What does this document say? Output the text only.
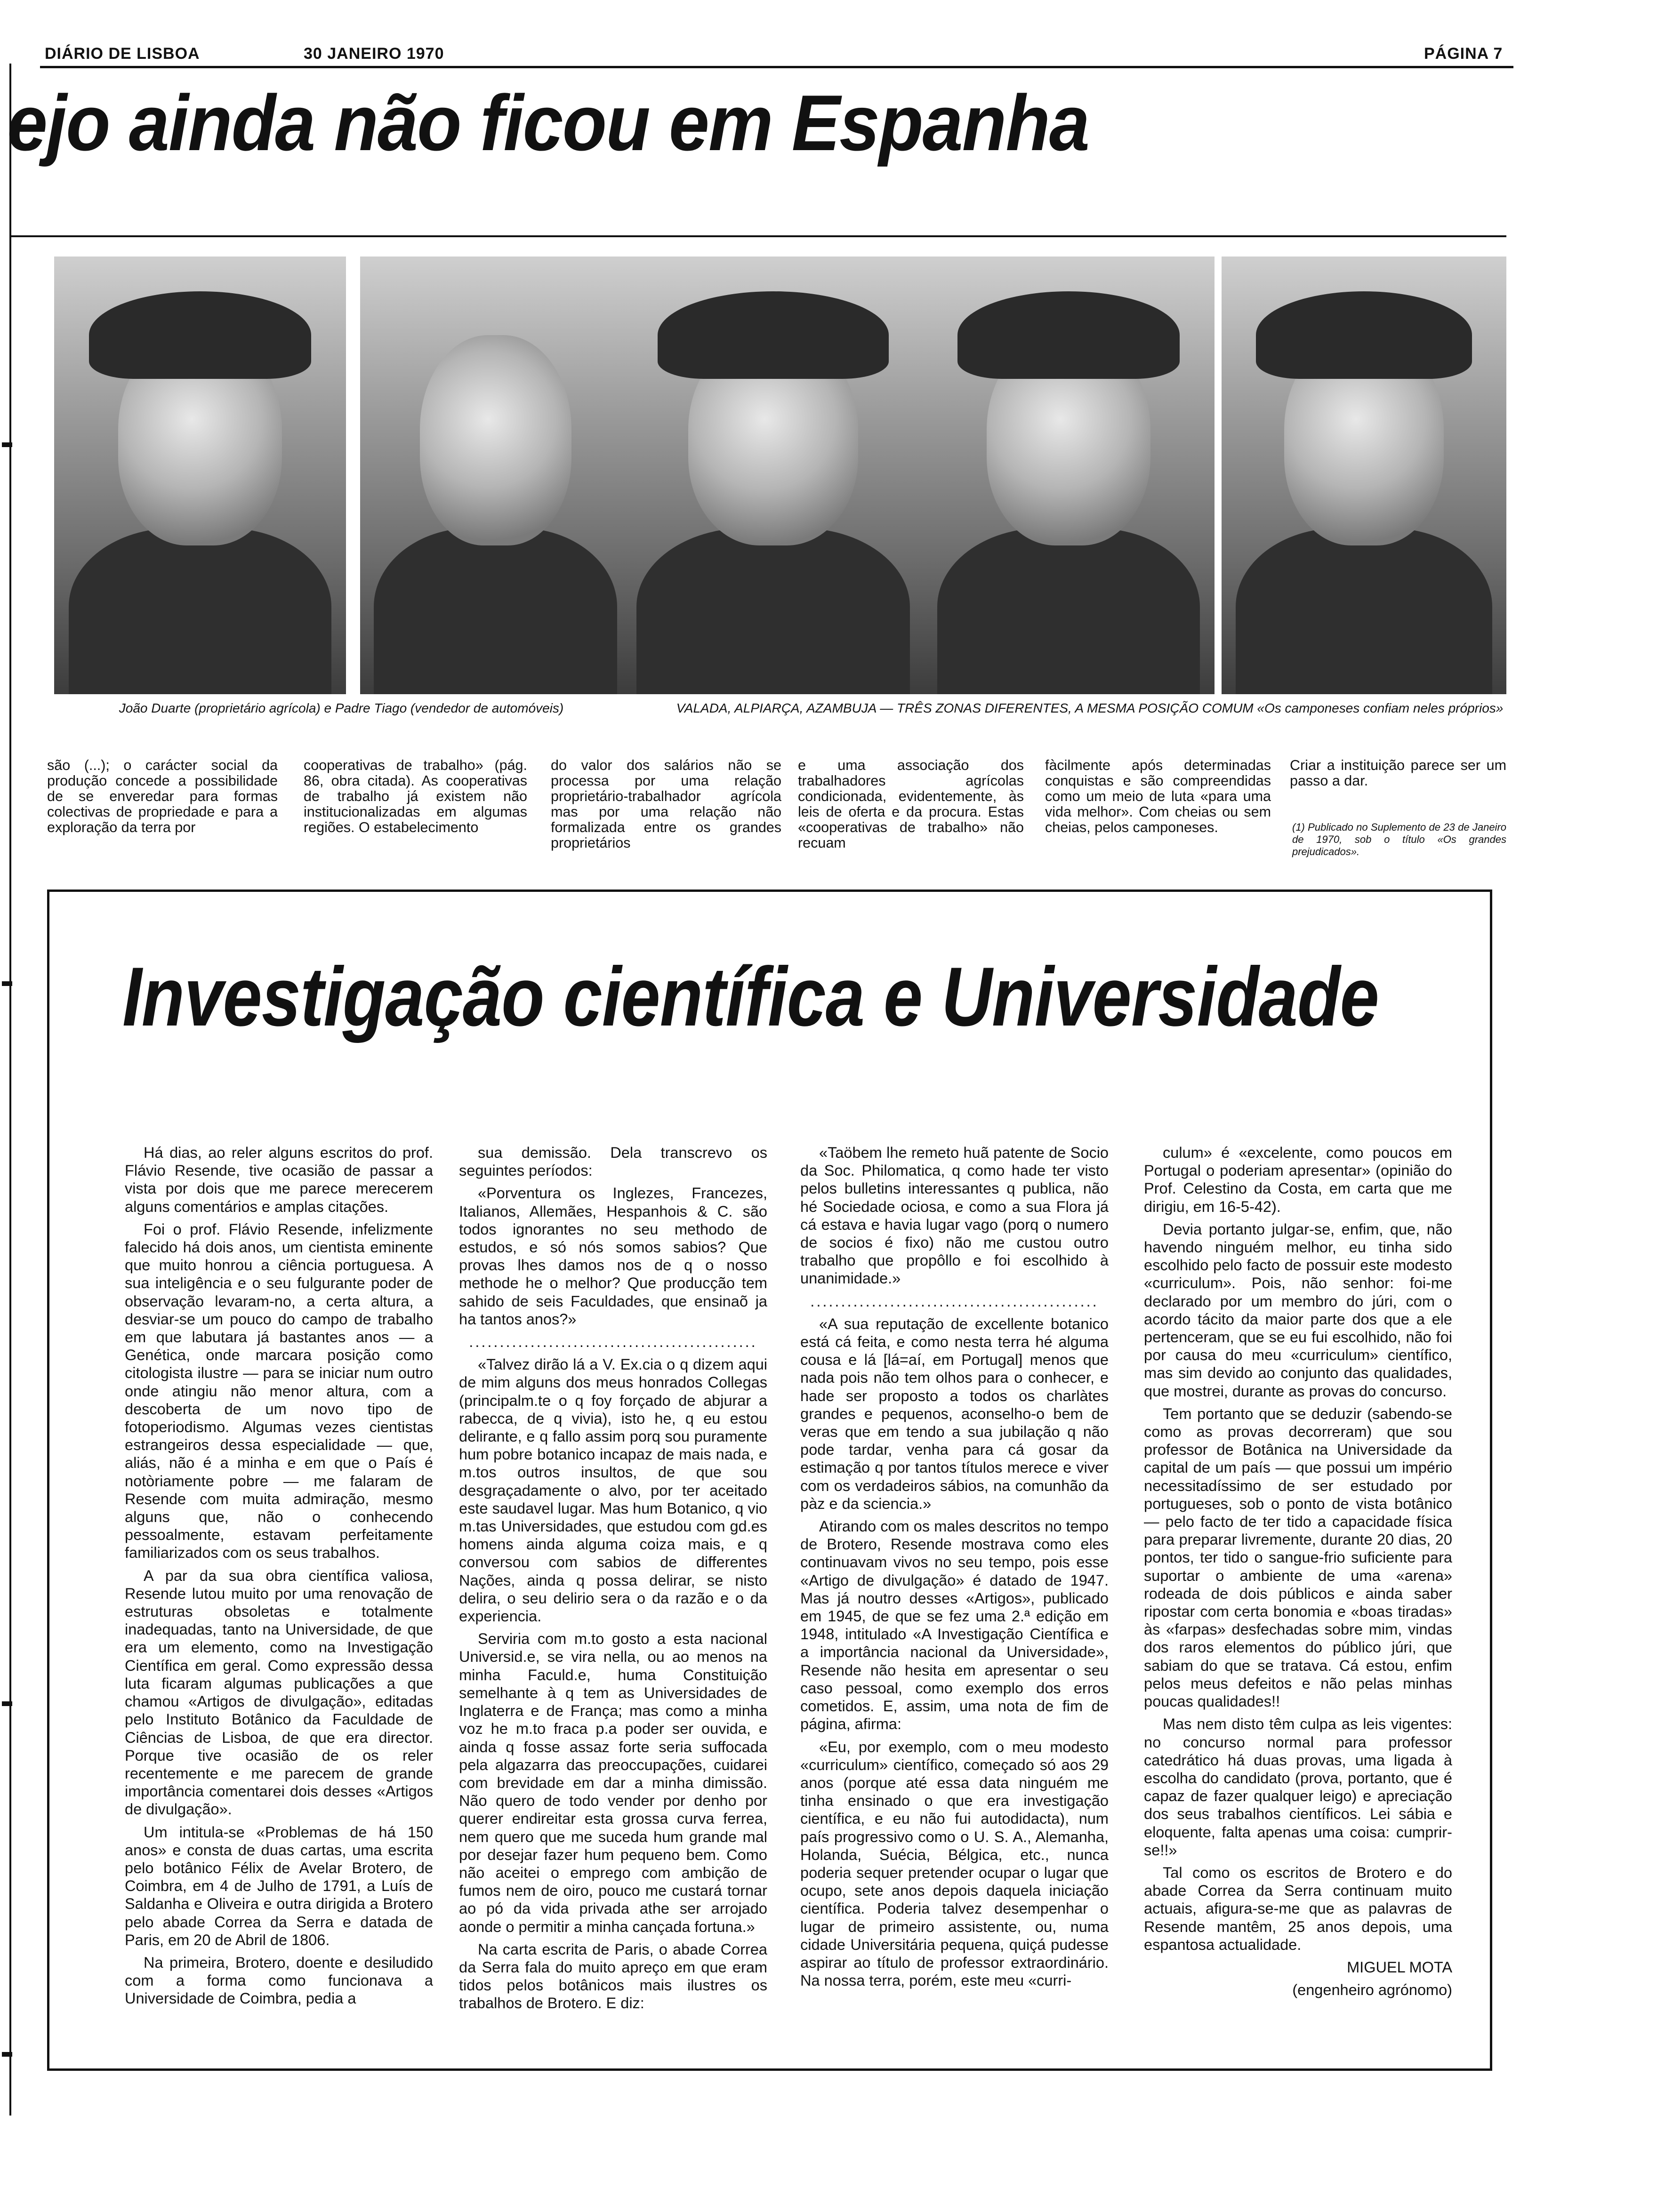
DIÁRIO DE LISBOA	30 JANEIRO 1970	PÁGINA 7
ejo ainda não ficou em Espanha
João Duarte (proprietário agrícola) e Padre Tiago (vendedor de automóveis)	VALADA, ALPIARÇA, AZAMBUJA — TRÊS ZONAS DIFERENTES, A MESMA POSIÇÃO COMUM «Os camponeses confiam neles próprios»
são (...); o carácter social da produção concede a possibilidade de se enveredar para formas colectivas de propriedade e para a exploração da terra por
cooperativas de trabalho» (pág. 86, obra citada). As cooperativas de trabalho já existem não institucionalizadas em algumas regiões. O estabelecimento
do valor dos salários não se processa por uma relação proprietário-trabalhador agrícola mas por uma relação não formalizada entre os grandes proprietários
e uma associação dos trabalhadores agrícolas condicionada, evidentemente, às leis de oferta e da procura. Estas «cooperativas de trabalho» não recuam
fàcilmente após determinadas conquistas e são compreendidas como um meio de luta «para uma vida melhor». Com cheias ou sem cheias, pelos camponeses.
Criar a instituição parece ser um passo a dar.
(1) Publicado no Suplemento de 23 de Janeiro de 1970, sob o título «Os grandes prejudicados».
Investigação científica e Universidade

Há dias, ao reler alguns escritos do prof. Flávio Resende, tive ocasião de passar a vista por dois que me parece merecerem alguns comentários e amplas citações.

Foi o prof. Flávio Resende, infelizmente falecido há dois anos, um cientista eminente que muito honrou a ciência portuguesa. A sua inteligência e o seu fulgurante poder de observação levaram-no, a certa altura, a desviar-se um pouco do campo de trabalho em que labutara já bastantes anos — a Genética, onde marcara posição como citologista ilustre — para se iniciar num outro onde atingiu não menor altura, com a descoberta de um novo tipo de fotoperiodismo. Algumas vezes cientistas estrangeiros dessa especialidade — que, aliás, não é a minha e em que o País é notòriamente pobre — me falaram de Resende com muita admiração, mesmo alguns que, não o conhecendo pessoalmente, estavam perfeitamente familiarizados com os seus trabalhos.

A par da sua obra científica valiosa, Resende lutou muito por uma renovação de estruturas obsoletas e totalmente inadequadas, tanto na Universidade, de que era um elemento, como na Investigação Científica em geral. Como expressão dessa luta ficaram algumas publicações a que chamou «Artigos de divulgação», editadas pelo Instituto Botânico da Faculdade de Ciências de Lisboa, de que era director. Porque tive ocasião de os reler recentemente e me parecem de grande importância comentarei dois desses «Artigos de divulgação».

Um intitula-se «Problemas de há 150 anos» e consta de duas cartas, uma escrita pelo botânico Félix de Avelar Brotero, de Coimbra, em 4 de Julho de 1791, a Luís de Saldanha e Oliveira e outra dirigida a Brotero pelo abade Correa da Serra e datada de Paris, em 20 de Abril de 1806.

Na primeira, Brotero, doente e desiludido com a forma como funcionava a Universidade de Coimbra, pedia a

sua demissão. Dela transcrevo os seguintes períodos:

«Porventura os Inglezes, Francezes, Italianos, Allemães, Hespanhois & C. são todos ignorantes no seu methodo de estudos, e só nós somos sabios? Que provas lhes damos nos de q o nosso methode he o melhor? Que producção tem sahido de seis Faculdades, que ensinaõ ja ha tantos anos?»

...............................................

«Talvez dirão lá a V. Ex.cia o q dizem aqui de mim alguns dos meus honrados Collegas (principalm.te o q foy forçado de abjurar a rabecca, de q vivia), isto he, q eu estou delirante, e q fallo assim porq sou puramente hum pobre botanico incapaz de mais nada, e m.tos outros insultos, de que sou desgraçadamente o alvo, por ter aceitado este saudavel lugar. Mas hum Botanico, q vio m.tas Universidades, que estudou com gd.es homens ainda alguma coiza mais, e q conversou com sabios de differentes Nações, ainda q possa delirar, se nisto delira, o seu delirio sera o da razão e o da experiencia.

Serviria com m.to gosto a esta nacional Universid.e, se vira nella, ou ao menos na minha Faculd.e, huma Constituição semelhante à q tem as Universidades de Inglaterra e de França; mas como a minha voz he m.to fraca p.a poder ser ouvida, e ainda q fosse assaz forte seria suffocada pela algazarra das preoccupações, cuidarei com brevidade em dar a minha dimissão. Não quero de todo vender por denho por querer endireitar esta grossa curva ferrea, nem quero que me suceda hum grande mal por desejar fazer hum pequeno bem. Como não aceitei o emprego com ambição de fumos nem de oiro, pouco me custará tornar ao pó da vida privada athe ser arrojado aonde o permitir a minha cançada fortuna.»

Na carta escrita de Paris, o abade Correa da Serra fala do muito apreço em que eram tidos pelos botânicos mais ilustres os trabalhos de Brotero. E diz:

«Taöbem lhe remeto huã patente de Socio da Soc. Philomatica, q como hade ter visto pelos bulletins interessantes q publica, não hé Sociedade ociosa, e como a sua Flora já cá estava e havia lugar vago (porq o numero de socios é fixo) não me custou outro trabalho que propôllo e foi escolhido à unanimidade.»

...............................................

«A sua reputação de excellente botanico está cá feita, e como nesta terra hé alguma cousa e lá [lá=aí, em Portugal] menos que nada pois não tem olhos para o conhecer, e hade ser proposto a todos os charlàtes grandes e pequenos, aconselho-o bem de veras que em tendo a sua jubilação q não pode tardar, venha para cá gosar da estimação q por tantos títulos merece e viver com os verdadeiros sábios, na comunhão da pàz e da sciencia.»

Atirando com os males descritos no tempo de Brotero, Resende mostrava como eles continuavam vivos no seu tempo, pois esse «Artigo de divulgação» é datado de 1947. Mas já noutro desses «Artigos», publicado em 1945, de que se fez uma 2.ª edição em 1948, intitulado «A Investigação Científica e a importância nacional da Universidade», Resende não hesita em apresentar o seu caso pessoal, como exemplo dos erros cometidos. E, assim, uma nota de fim de página, afirma:

«Eu, por exemplo, com o meu modesto «curriculum» científico, começado só aos 29 anos (porque até essa data ninguém me tinha ensinado o que era investigação científica, e eu não fui autodidacta), num país progressivo como o U. S. A., Alemanha, Holanda, Suécia, Bélgica, etc., nunca poderia sequer pretender ocupar o lugar que ocupo, sete anos depois daquela iniciação científica. Poderia talvez desempenhar o lugar de primeiro assistente, ou, numa cidade Universitária pequena, quiçá pudesse aspirar ao título de professor extraordinário. Na nossa terra, porém, este meu «curri-

culum» é «excelente, como poucos em Portugal o poderiam apresentar» (opinião do Prof. Celestino da Costa, em carta que me dirigiu, em 16-5-42).

Devia portanto julgar-se, enfim, que, não havendo ninguém melhor, eu tinha sido escolhido pelo facto de possuir este modesto «curriculum». Pois, não senhor: foi-me declarado por um membro do júri, com o acordo tácito da maior parte dos que a ele pertenceram, que se eu fui escolhido, não foi por causa do meu «curriculum» científico, mas sim devido ao conjunto das qualidades, que mostrei, durante as provas do concurso.

Tem portanto que se deduzir (sabendo-se como as provas decorreram) que sou professor de Botânica na Universidade da capital de um país — que possui um império necessitadíssimo de ser estudado por portugueses, sob o ponto de vista botânico — pelo facto de ter tido a capacidade física para preparar livremente, durante 20 dias, 20 pontos, ter tido o sangue-frio suficiente para suportar o ambiente de uma «arena» rodeada de dois públicos e ainda saber ripostar com certa bonomia e «boas tiradas» às «farpas» desfechadas sobre mim, vindas dos raros elementos do público júri, que sabiam do que se tratava. Cá estou, enfim pelos meus defeitos e não pelas minhas poucas qualidades!!

Mas nem disto têm culpa as leis vigentes: no concurso normal para professor catedrático há duas provas, uma ligada à escolha do candidato (prova, portanto, que é capaz de fazer qualquer leigo) e apreciação dos seus trabalhos científicos. Lei sábia e eloquente, falta apenas uma coisa: cumprir-se!!»

Tal como os escritos de Brotero e do abade Correa da Serra continuam muito actuais, afigura-se-me que as palavras de Resende mantêm, 25 anos depois, uma espantosa actualidade.

MIGUEL MOTA

(engenheiro agrónomo)
